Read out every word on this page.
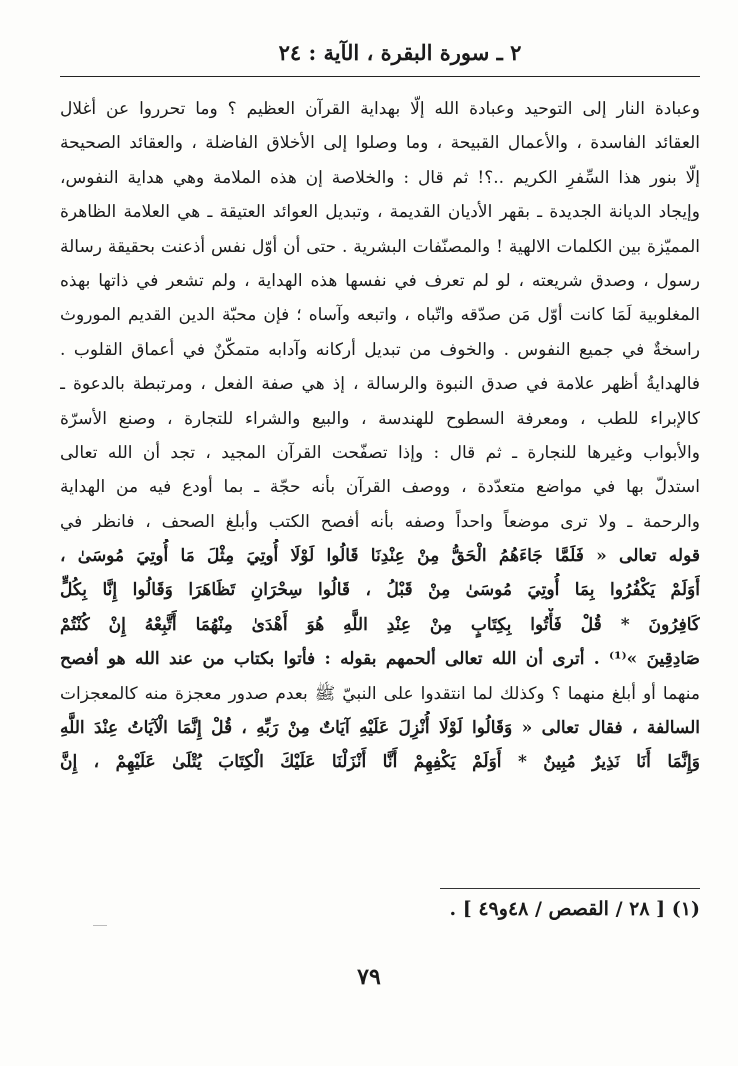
٢ ـ سورة البقرة ، الآية : ٢٤
وعبادة النار إلى التوحيد وعبادة الله إلّا بهداية القرآن العظيم ؟ وما تحرروا عن أغلال
العقائد الفاسدة ، والأعمال القبيحة ، وما وصلوا إلى الأخلاق الفاضلة ، والعقائد الصحيحة
إلّا بنور هذا السِّفرِ الكريم ..؟! ثم قال : والخلاصة إن هذه الملامة وهي هداية النفوس،
وإيجاد الديانة الجديدة ـ بقهر الأديان القديمة ، وتبديل العوائد العتيقة ـ هي العلامة الظاهرة
المميّزة بين الكلمات الالهية ! والمصنّفات البشرية . حتى أن أوّل نفس أذعنت بحقيقة رسالة
رسول ، وصدق شريعته ، لو لم تعرف في نفسها هذه الهداية ، ولم تشعر في ذاتها بهذه
المغلوبية لَمَا كانت أوّل مَن صدّقه واتّباه ، واتبعه وآساه ؛ فإن محبّة الدين القديم الموروث
راسخةٌ في جميع النفوس . والخوف من تبديل أركانه وآدابه متمكّنٌ في أعماق القلوب .
فالهدايةُ أظهر علامة في صدق النبوة والرسالة ، إذ هي صفة الفعل ، ومرتبطة بالدعوة ـ
كالإبراء للطب ، ومعرفة السطوح للهندسة ، والبيع والشراء للتجارة ، وصنع الأسرّة
والأبواب وغيرها للنجارة ـ ثم قال : وإذا تصفّحت القرآن المجيد ، تجد أن الله تعالى
استدلّ بها في مواضع متعدّدة ، ووصف القرآن بأنه حجّة ـ بما أودع فيه من الهداية
والرحمة ـ ولا ترى موضعاً واحداً وصفه بأنه أفصح الكتب وأبلغ الصحف ، فانظر في
قوله تعالى « فَلَمَّا جَاءَهُمُ الْحَقُّ مِنْ عِنْدِنَا قَالُوا لَوْلَا أُوتِيَ مِثْلَ مَا أُوتِيَ مُوسَىٰ ،
أَوَلَمْ يَكْفُرُوا بِمَا أُوتِيَ مُوسَىٰ مِنْ قَبْلُ ، قَالُوا سِحْرَانِ تَظَاهَرَا وَقَالُوا إِنَّا بِكُلٍّ
كَافِرُونَ * قُلْ فَأْتُوا بِكِتَابٍ مِنْ عِنْدِ اللَّهِ هُوَ أَهْدَىٰ مِنْهُمَا أَتَّبِعْهُ إِنْ كُنْتُمْ
صَادِقِينَ »⁽¹⁾ . أترى أن الله تعالى ألحمهم بقوله : فأتوا بكتاب من عند الله هو أفصح
منهما أو أبلغ منهما ؟ وكذلك لما انتقدوا على النبيّ ﷺ بعدم صدور معجزة منه كالمعجزات
السالفة ، فقال تعالى « وَقَالُوا لَوْلَا أُنْزِلَ عَلَيْهِ آيَاتٌ مِنْ رَبِّهِ ، قُلْ إِنَّمَا الْآيَاتُ عِنْدَ اللَّهِ
وَإِنَّمَا أَنَا نَذِيرٌ مُبِينٌ * أَوَلَمْ يَكْفِهِمْ أَنَّا أَنْزَلْنَا عَلَيْكَ الْكِتَابَ يُتْلَىٰ عَلَيْهِمْ ، إِنَّ
(١) [ ٢٨ / القصص / ٤٨و٤٩ ] .
٧٩
